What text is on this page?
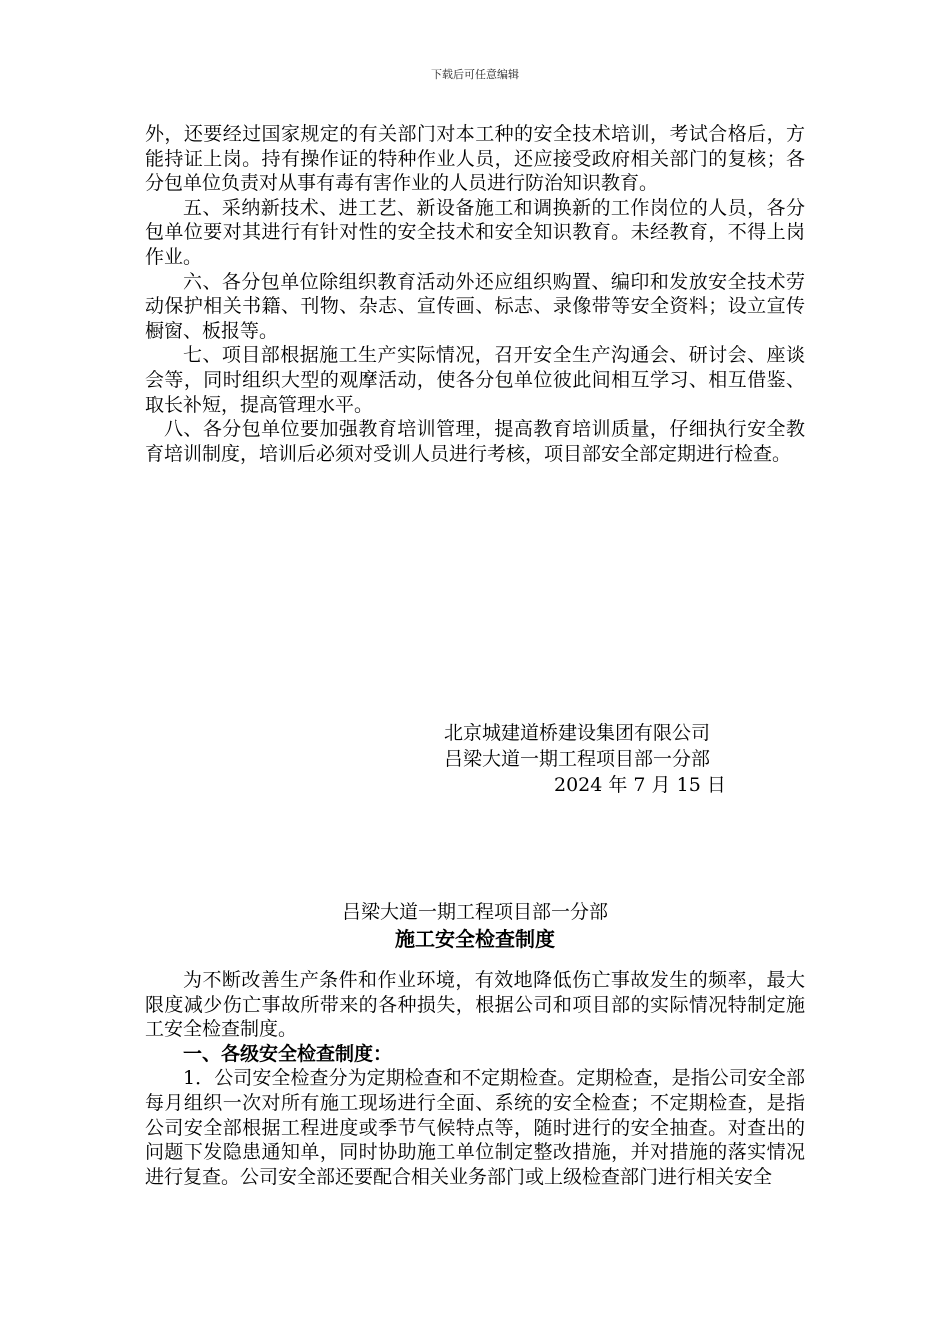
下载后可任意编辑

外，还要经过国家规定的有关部门对本工种的安全技术培训，考试合格后，方能持证上岗。持有操作证的特种作业人员，还应接受政府相关部门的复核；各分包单位负责对从事有毒有害作业的人员进行防治知识教育。

五、采纳新技术、进工艺、新设备施工和调换新的工作岗位的人员，各分包单位要对其进行有针对性的安全技术和安全知识教育。未经教育，不得上岗作业。

六、各分包单位除组织教育活动外还应组织购置、编印和发放安全技术劳动保护相关书籍、刊物、杂志、宣传画、标志、录像带等安全资料；设立宣传橱窗、板报等。

七、项目部根据施工生产实际情况，召开安全生产沟通会、研讨会、座谈会等，同时组织大型的观摩活动，使各分包单位彼此间相互学习、相互借鉴、取长补短，提高管理水平。

八、各分包单位要加强教育培训管理，提高教育培训质量，仔细执行安全教育培训制度，培训后必须对受训人员进行考核，项目部安全部定期进行检查。

北京城建道桥建设集团有限公司
吕梁大道一期工程项目部一分部
2024 年 7 月 15 日
吕梁大道一期工程项目部一分部
施工安全检查制度

为不断改善生产条件和作业环境，有效地降低伤亡事故发生的频率，最大限度减少伤亡事故所带来的各种损失，根据公司和项目部的实际情况特制定施工安全检查制度。

一、各级安全检查制度：

1．公司安全检查分为定期检查和不定期检查。定期检查，是指公司安全部每月组织一次对所有施工现场进行全面、系统的安全检查；不定期检查，是指公司安全部根据工程进度或季节气候特点等，随时进行的安全抽查。对查出的问题下发隐患通知单，同时协助施工单位制定整改措施，并对措施的落实情况进行复查。公司安全部还要配合相关业务部门或上级检查部门进行相关安全
